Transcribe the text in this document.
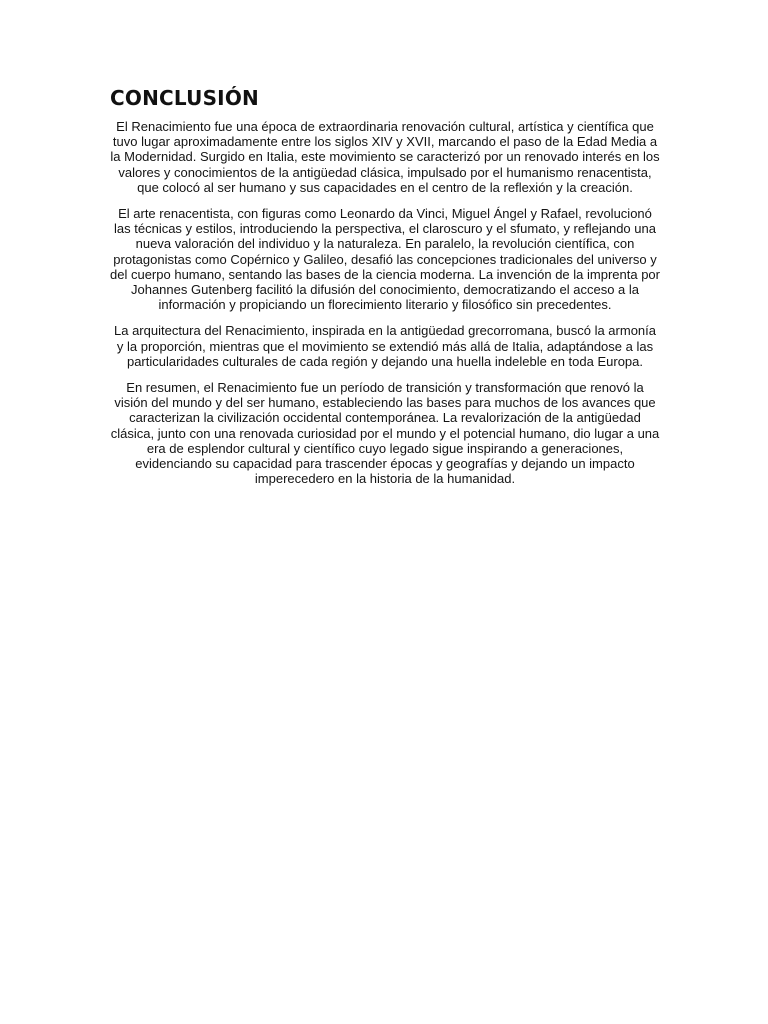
CONCLUSIÓN

El Renacimiento fue una época de extraordinaria renovación cultural, artística y científica que tuvo lugar aproximadamente entre los siglos XIV y XVII, marcando el paso de la Edad Media a la Modernidad. Surgido en Italia, este movimiento se caracterizó por un renovado interés en los valores y conocimientos de la antigüedad clásica, impulsado por el humanismo renacentista, que colocó al ser humano y sus capacidades en el centro de la reflexión y la creación.

El arte renacentista, con figuras como Leonardo da Vinci, Miguel Ángel y Rafael, revolucionó las técnicas y estilos, introduciendo la perspectiva, el claroscuro y el sfumato, y reflejando una nueva valoración del individuo y la naturaleza. En paralelo, la revolución científica, con protagonistas como Copérnico y Galileo, desafió las concepciones tradicionales del universo y del cuerpo humano, sentando las bases de la ciencia moderna. La invención de la imprenta por Johannes Gutenberg facilitó la difusión del conocimiento, democratizando el acceso a la información y propiciando un florecimiento literario y filosófico sin precedentes.

La arquitectura del Renacimiento, inspirada en la antigüedad grecorromana, buscó la armonía y la proporción, mientras que el movimiento se extendió más allá de Italia, adaptándose a las particularidades culturales de cada región y dejando una huella indeleble en toda Europa.

En resumen, el Renacimiento fue un período de transición y transformación que renovó la visión del mundo y del ser humano, estableciendo las bases para muchos de los avances que caracterizan la civilización occidental contemporánea. La revalorización de la antigüedad clásica, junto con una renovada curiosidad por el mundo y el potencial humano, dio lugar a una era de esplendor cultural y científico cuyo legado sigue inspirando a generaciones, evidenciando su capacidad para trascender épocas y geografías y dejando un impacto imperecedero en la historia de la humanidad.
